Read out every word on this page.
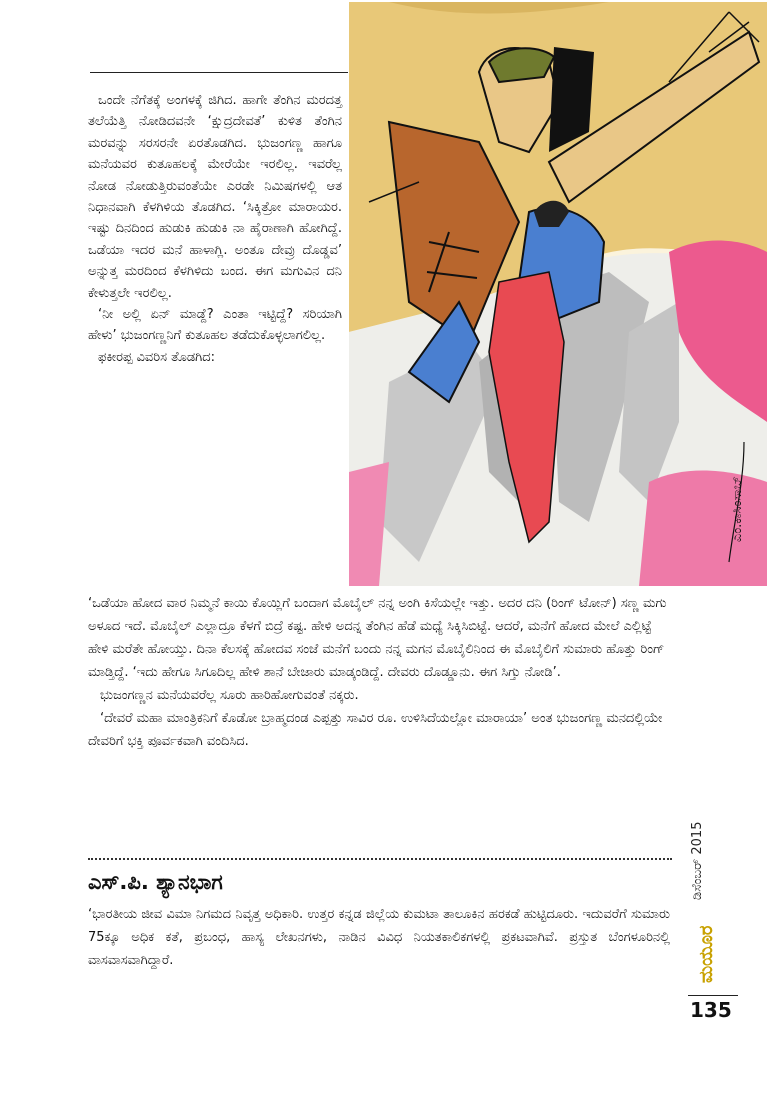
ಎಂ.ಕಾಸಿಂಸಾಬ್

ಒಂದೇ ನೆಗೆತಕ್ಕೆ ಅಂಗಳಕ್ಕೆ ಜಿಗಿದ. ಹಾಗೇ ತೆಂಗಿನ ಮರದತ್ತ ತಲೆಯೆತ್ತಿ ನೋಡಿದವನೇ ‘ಕ್ಷುದ್ರದೇವತೆ’ ಕುಳಿತ ತೆಂಗಿನ ಮರವನ್ನು ಸರಸರನೇ ಏರತೊಡಗಿದ. ಭುಜಂಗಣ್ಣ ಹಾಗೂ ಮನೆಯವರ ಕುತೂಹಲಕ್ಕೆ ಮೇರೆಯೇ ಇರಲಿಲ್ಲ. ಇವರೆಲ್ಲ ನೋಡ ನೋಡುತ್ತಿರುವಂತೆಯೇ ಎರಡೇ ನಿಮಿಷಗಳಲ್ಲಿ ಆತ ನಿಧಾನವಾಗಿ ಕೆಳಗಿಳಿಯ ತೊಡಗಿದ. ‘ಸಿಕ್ಕಿತ್ರೋ ಮಾರಾಯರ. ಇಷ್ಟು ದಿನದಿಂದ ಹುಡುಕಿ ಹುಡುಕಿ ನಾ ಹೈರಾಣಾಗಿ ಹೋಗಿದ್ದೆ. ಒಡೆಯಾ ಇದರ ಮನೆ ಹಾಳಾಗ್ಲಿ. ಅಂತೂ ದೇವ್ರು ದೊಡ್ಡವ’ ಅನ್ನುತ್ತ ಮರದಿಂದ ಕೆಳಗಿಳಿದು ಬಂದ. ಈಗ ಮಗುವಿನ ದನಿ ಕೇಳುತ್ತಲೇ ಇರಲಿಲ್ಲ.

‘ನೀ ಅಲ್ಲಿ ಏನ್ ಮಾಡ್ದೆ? ಎಂತಾ ಇಟ್ಟಿದ್ದೆ? ಸರಿಯಾಗಿ ಹೇಳು’ ಭುಜಂಗಣ್ಣನಿಗೆ ಕುತೂಹಲ ತಡೆದುಕೊಳ್ಳಲಾಗಲಿಲ್ಲ.

ಫಕೀರಪ್ಪ ವಿವರಿಸ ತೊಡಗಿದ:

‘ಒಡೆಯಾ ಹೋದ ವಾರ ನಿಮ್ಮನೆ ಕಾಯಿ ಕೊಯ್ಲಿಗೆ ಬಂದಾಗ ಮೊಬೈಲ್ ನನ್ನ ಅಂಗಿ ಕಿಸೆಯಲ್ಲೇ ಇತ್ತು. ಅದರ ದನಿ (ರಿಂಗ್ ಟೋನ್) ಸಣ್ಣ ಮಗು ಅಳೂದ ಇದೆ. ಮೊಬೈಲ್ ಎಲ್ಲಾದ್ರೂ ಕೆಳಗೆ ಬಿದ್ರೆ ಕಷ್ಟ. ಹೇಳಿ ಅದನ್ನ ತೆಂಗಿನ ಹೆಡೆ ಮಧ್ಯೆ ಸಿಕ್ಕಿಸಿಬಿಟ್ಟೆ. ಆದರೆ, ಮನೆಗೆ ಹೋದ ಮೇಲೆ ಎಲ್ಲಿಟ್ಟೆ ಹೇಳಿ ಮರೆತೇ ಹೋಯ್ತು. ದಿನಾ ಕೆಲಸಕ್ಕೆ ಹೋದವ ಸಂಜೆ ಮನೆಗೆ ಬಂದು ನನ್ನ ಮಗನ ಮೊಬೈಲಿನಿಂದ ಈ ಮೊಬೈಲಿಗೆ ಸುಮಾರು ಹೊತ್ತು ರಿಂಗ್ ಮಾಡ್ತಿದ್ದೆ. ‘ಇದು ಹೇಗೂ ಸಿಗೂದಿಲ್ಲ ಹೇಳಿ ಶಾನೆ ಬೇಜಾರು ಮಾಡ್ಕಂಡಿದ್ದೆ. ದೇವರು ದೊಡ್ಡೂನು. ಈಗ ಸಿಗ್ತು ನೋಡಿ’.

ಭುಜಂಗಣ್ಣನ ಮನೆಯವರೆಲ್ಲ ಸೂರು ಹಾರಿಹೋಗುವಂತೆ ನಕ್ಕರು.

‘ದೇವರೆ ಮಹಾ ಮಾಂತ್ರಿಕನಿಗೆ ಕೊಡೋ ಬ್ರಾಹ್ಮದಂಡ ಎಪ್ಪತ್ತು ಸಾವಿರ ರೂ. ಉಳಿಸಿದೆಯಲ್ಲೋ ಮಾರಾಯಾ’ ಅಂತ ಭುಜಂಗಣ್ಣ ಮನದಲ್ಲಿಯೇ ದೇವರಿಗೆ ಭಕ್ತಿ ಪೂರ್ವಕವಾಗಿ ವಂದಿಸಿದ.

ಎಸ್.ಪಿ. ಶ್ಯಾನಭಾಗ
‘ಭಾರತೀಯ ಜೀವ ವಿಮಾ ನಿಗಮದ ನಿವೃತ್ತ ಅಧಿಕಾರಿ. ಉತ್ತರ ಕನ್ನಡ ಜಿಲ್ಲೆಯ ಕುಮಟಾ ತಾಲೂಕಿನ ಹರಕಡೆ ಹುಟ್ಟಿದೂರು. ಇದುವರೆಗೆ ಸುಮಾರು 75ಕ್ಕೂ ಅಧಿಕ ಕತೆ, ಪ್ರಬಂಧ, ಹಾಸ್ಯ ಲೇಖನಗಳು, ನಾಡಿನ ವಿವಿಧ ನಿಯತಕಾಲಿಕಗಳಲ್ಲಿ ಪ್ರಕಟವಾಗಿವೆ. ಪ್ರಸ್ತುತ ಬೆಂಗಳೂರಿನಲ್ಲಿ ವಾಸವಾಸವಾಗಿದ್ದಾರೆ.
ಡಿಸೆಂಬರ್ 2015
ಮಯೂರ
135
